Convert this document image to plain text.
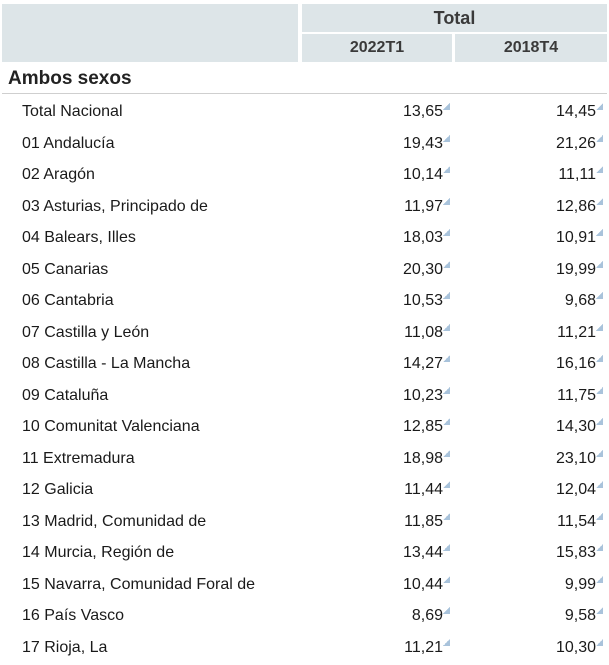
Total
2022T1	2018T4
Ambos sexos
Total Nacional	13,65	14,45
01 Andalucía	19,43	21,26
02 Aragón	10,14	11,11
03 Asturias, Principado de	11,97	12,86
04 Balears, Illes	18,03	10,91
05 Canarias	20,30	19,99
06 Cantabria	10,53	9,68
07 Castilla y León	11,08	11,21
08 Castilla - La Mancha	14,27	16,16
09 Cataluña	10,23	11,75
10 Comunitat Valenciana	12,85	14,30
11 Extremadura	18,98	23,10
12 Galicia	11,44	12,04
13 Madrid, Comunidad de	11,85	11,54
14 Murcia, Región de	13,44	15,83
15 Navarra, Comunidad Foral de	10,44	9,99
16 País Vasco	8,69	9,58
17 Rioja, La	11,21	10,30
